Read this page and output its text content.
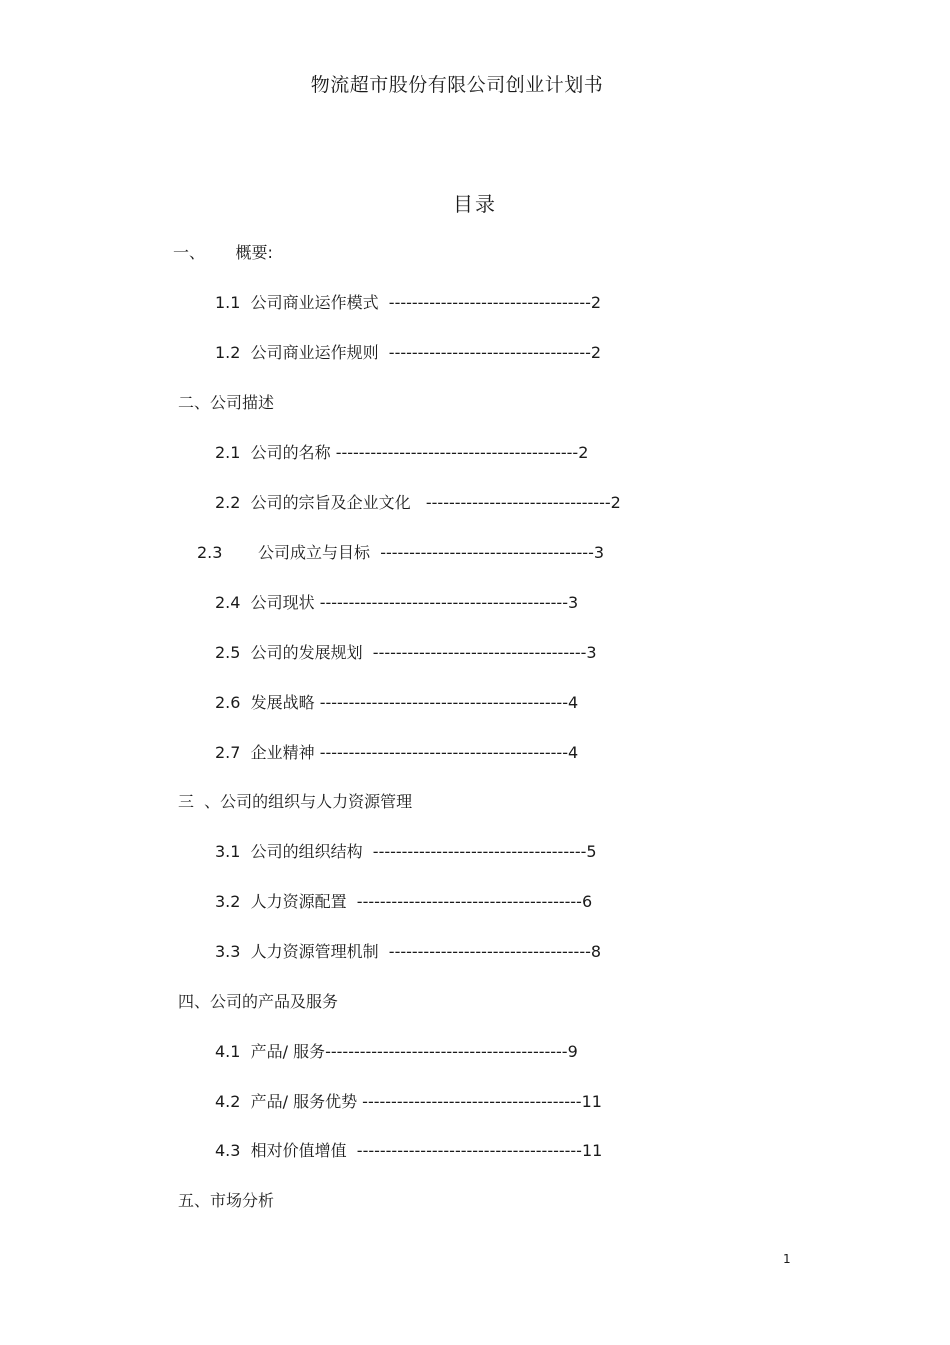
物流超市股份有限公司创业计划书
目录
一、      概要:
1.1  公司商业运作模式  -----------------------------------2
1.2  公司商业运作规则  -----------------------------------2
二、公司描述
2.1  公司的名称 ------------------------------------------2
2.2  公司的宗旨及企业文化   --------------------------------2
2.3       公司成立与目标  -------------------------------------3
2.4  公司现状 -------------------------------------------3
2.5  公司的发展规划  -------------------------------------3
2.6  发展战略 -------------------------------------------4
2.7  企业精神 -------------------------------------------4
三  、公司的组织与人力资源管理
3.1  公司的组织结构  -------------------------------------5
3.2  人力资源配置  ---------------------------------------6
3.3  人力资源管理机制  -----------------------------------8
四、公司的产品及服务
4.1  产品/ 服务------------------------------------------9
4.2  产品/ 服务优势 --------------------------------------11
4.3  相对价值增值  ---------------------------------------11
五、市场分析
1
